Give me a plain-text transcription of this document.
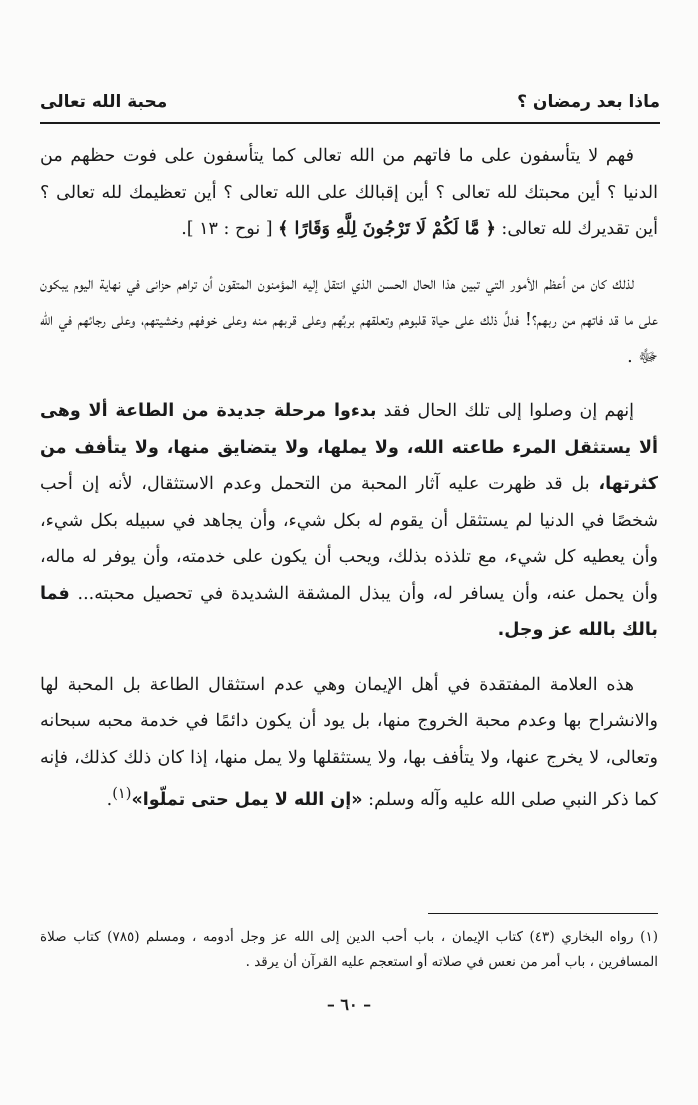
ماذا بعد رمضان ؟
محبة الله تعالى

فهم لا يتأسفون على ما فاتهم من الله تعالى كما يتأسفون على فوت حظهم من الدنيا ؟ أين محبتك لله تعالى ؟ أين إقبالك على الله تعالى ؟ أين تعظيمك لله تعالى ؟ أين تقديرك لله تعالى: ﴿ مَّا لَكُمْ لَا تَرْجُونَ لِلَّهِ وَقَارًا ﴾ [ نوح : ١٣ ].

لذلك كان من أعظم الأمور التي تبين هذا الحال الحسن الذي انتقل إليه المؤمنون المتقون أن تراهم حزانى في نهاية اليوم يبكون على ما قد فاتهم من ربهم؟! فدلَّ ذلك على حياة قلبوهم وتعلقهم بربِّهم وعلى قربهم منه وعلى خوفهم وخشيتهم، وعلى رجائهم في الله ﷻ .

إنهم إن وصلوا إلى تلك الحال فقد بدءوا مرحلة جديدة من الطاعة ألا وهى ألا يستثقل المرء طاعته الله، ولا يملها، ولا يتضايق منها، ولا يتأفف من كثرتها، بل قد ظهرت عليه آثار المحبة من التحمل وعدم الاستثقال، لأنه إن أحب شخصًا في الدنيا لم يستثقل أن يقوم له بكل شيء، وأن يجاهد في سبيله بكل شيء، وأن يعطيه كل شيء، مع تلذذه بذلك، ويحب أن يكون على خدمته، وأن يوفر له ماله، وأن يحمل عنه، وأن يسافر له، وأن يبذل المشقة الشديدة في تحصيل محبته... فما بالك بالله عز وجل.

هذه العلامة المفتقدة في أهل الإيمان وهي عدم استثقال الطاعة بل المحبة لها والانشراح بها وعدم محبة الخروج منها، بل يود أن يكون دائمًا في خدمة محبه سبحانه وتعالى، لا يخرج عنها، ولا يتأفف بها، ولا يستثقلها ولا يمل منها، إذا كان ذلك كذلك، فإنه كما ذكر النبي صلى الله عليه وآله وسلم: «إن الله لا يمل حتى تملّوا»$^{(١)}$.

(١) رواه البخاري (٤٣) كتاب الإيمان ، باب أحب الدين إلى الله عز وجل أدومه ، ومسلم (٧٨٥) كتاب صلاة المسافرين ، باب أمر من نعس في صلاته أو استعجم عليه القرآن أن يرقد .

– ٦٠ –
